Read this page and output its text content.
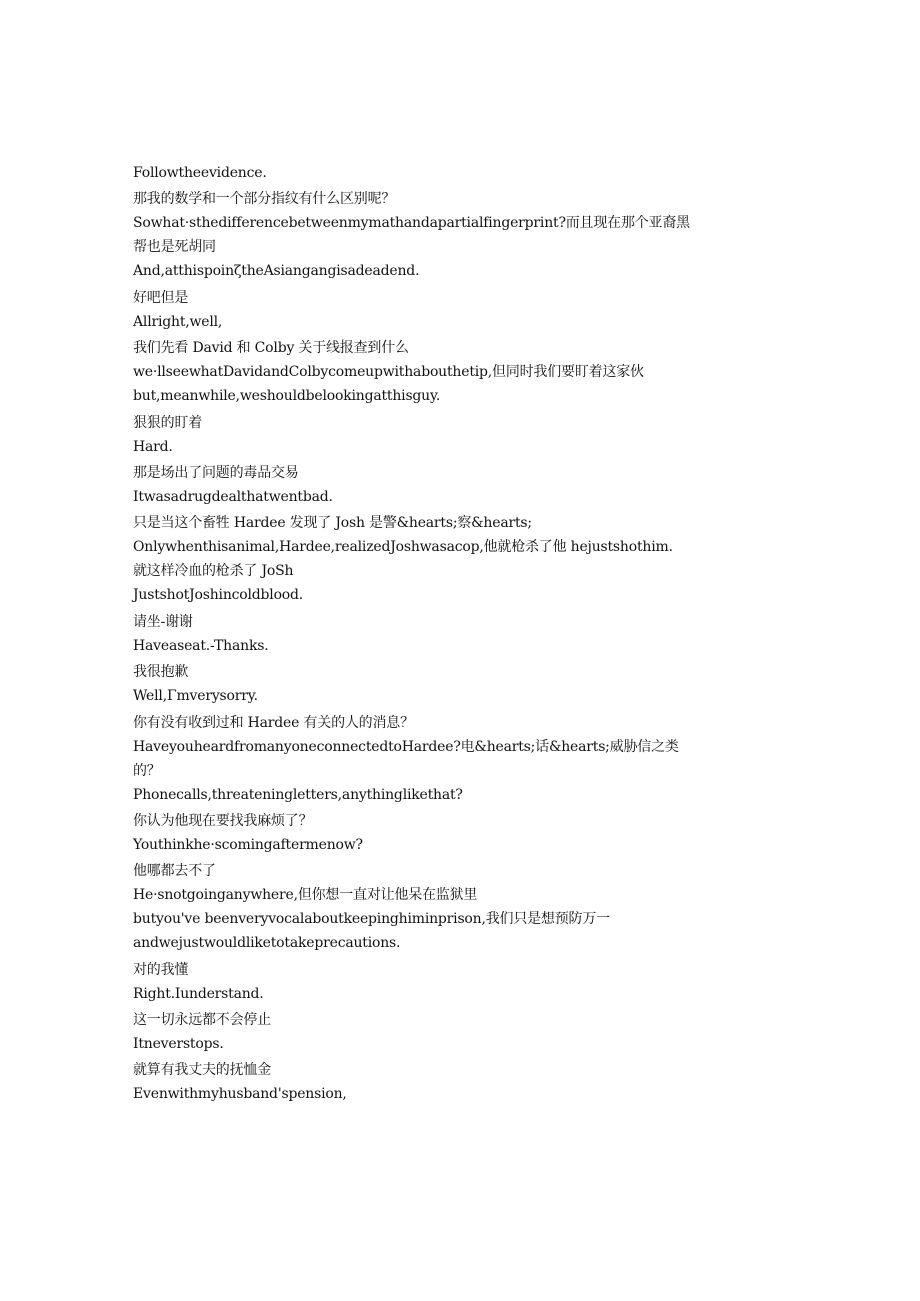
Followtheevidence.

那我的数学和一个部分指纹有什么区别呢？

Sowhat·sthedifferencebetweenmymathandapartialfingerprint?而且现在那个亚裔黑帮也是死胡同

And,atthispoinζtheAsiangangisadeadend.

好吧但是

Allright,well,

我们先看 David 和 Colby 关于线报查到什么

we·llseewhatDavidandColbycomeupwithabouthetip,但同时我们要盯着这家伙

but,meanwhile,weshouldbelookingatthisguy.

狠狠的盯着

Hard.

那是场出了问题的毒品交易

Itwasadrugdealthatwentbad.

只是当这个畜牲 Hardee 发现了 Josh 是警&hearts;察&hearts;

Onlywhenthisanimal,Hardee,realizedJoshwasacop,他就枪杀了他 hejustshothim.

就这样冷血的枪杀了 JoSh

JustshotJoshincoldblood.

请坐-谢谢

Haveaseat.-Thanks.

我很抱歉

Well,Γmverysorry.

你有没有收到过和 Hardee 有关的人的消息？

HaveyouheardfromanyoneconnectedtoHardee?电&hearts;话&hearts;威胁信之类的？

Phonecalls,threateningletters,anythinglikethat?

你认为他现在要找我麻烦了？

Youthinkhe·scomingaftermenow?

他哪都去不了

He·snotgoinganywhere,但你想一直对让他呆在监狱里

butyou've beenveryvocalaboutkeepinghiminprison,我们只是想预防万一

andwejustwouldliketotakeprecautions.

对的我懂

Right.Iunderstand.

这一切永远都不会停止

Itneverstops.

就算有我丈夫的抚恤金

Evenwithmyhusband'spension,
